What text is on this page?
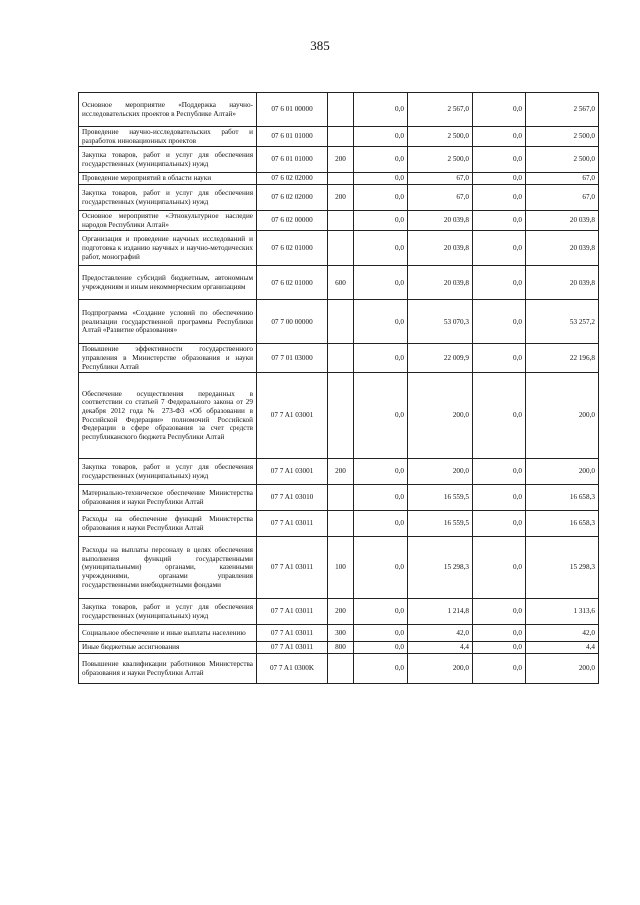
385
Основное мероприятие «Поддержка научно-исследовательских проектов в Республике Алтай»	07 6 01 00000		0,0	2 567,0	0,0	2 567,0
Проведение научно-исследовательских работ и разработок инновационных проектов	07 6 01 01000		0,0	2 500,0	0,0	2 500,0
Закупка товаров, работ и услуг для обеспечения государственных (муниципальных) нужд	07 6 01 01000	200	0,0	2 500,0	0,0	2 500,0
Проведение мероприятий в области науки	07 6 02 02000		0,0	67,0	0,0	67,0
Закупка товаров, работ и услуг для обеспечения государственных (муниципальных) нужд	07 6 02 02000	200	0,0	67,0	0,0	67,0
Основное мероприятие «Этнокультурное наследие народов Республики Алтай»	07 6 02 00000		0,0	20 039,8	0,0	20 039,8
Организация и проведение научных исследований и подготовка к изданию научных и научно-методических работ, монографий	07 6 02 01000		0,0	20 039,8	0,0	20 039,8
Предоставление субсидий бюджетным, автономным учреждениям и иным некоммерческим организациям	07 6 02 01000	600	0,0	20 039,8	0,0	20 039,8
Подпрограмма «Создание условий по обеспечению реализации государственной программы Республики Алтай «Развитие образования»	07 7 00 00000		0,0	53 070,3	0,0	53 257,2
Повышение эффективности государственного управления в Министерстве образования и науки Республики Алтай	07 7 01 03000		0,0	22 009,9	0,0	22 196,8
Обеспечение осуществления переданных в соответствии со статьей 7 Федерального закона от 29 декабря 2012 года № 273-ФЗ «Об образовании в Российской Федерации» полномочий Российской Федерации в сфере образования за счет средств республиканского бюджета Республики Алтай	07 7 A1 03001		0,0	200,0	0,0	200,0
Закупка товаров, работ и услуг для обеспечения государственных (муниципальных) нужд	07 7 A1 03001	200	0,0	200,0	0,0	200,0
Материально-техническое обеспечение Министерства образования и науки Республики Алтай	07 7 A1 03010		0,0	16 559,5	0,0	16 658,3
Расходы на обеспечение функций Министерства образования и науки Республики Алтай	07 7 A1 03011		0,0	16 559,5	0,0	16 658,3
Расходы на выплаты персоналу в целях обеспечения выполнения функций государственными (муниципальными) органами, казенными учреждениями, органами управления государственными внебюджетными фондами	07 7 A1 03011	100	0,0	15 298,3	0,0	15 298,3
Закупка товаров, работ и услуг для обеспечения государственных (муниципальных) нужд	07 7 A1 03011	200	0,0	1 214,8	0,0	1 313,6
Социальное обеспечение и иные выплаты населению	07 7 A1 03011	300	0,0	42,0	0,0	42,0
Иные бюджетные ассигнования	07 7 A1 03011	800	0,0	4,4	0,0	4,4
Повышение квалификации работников Министерства образования и науки Республики Алтай	07 7 A1 0300K		0,0	200,0	0,0	200,0
